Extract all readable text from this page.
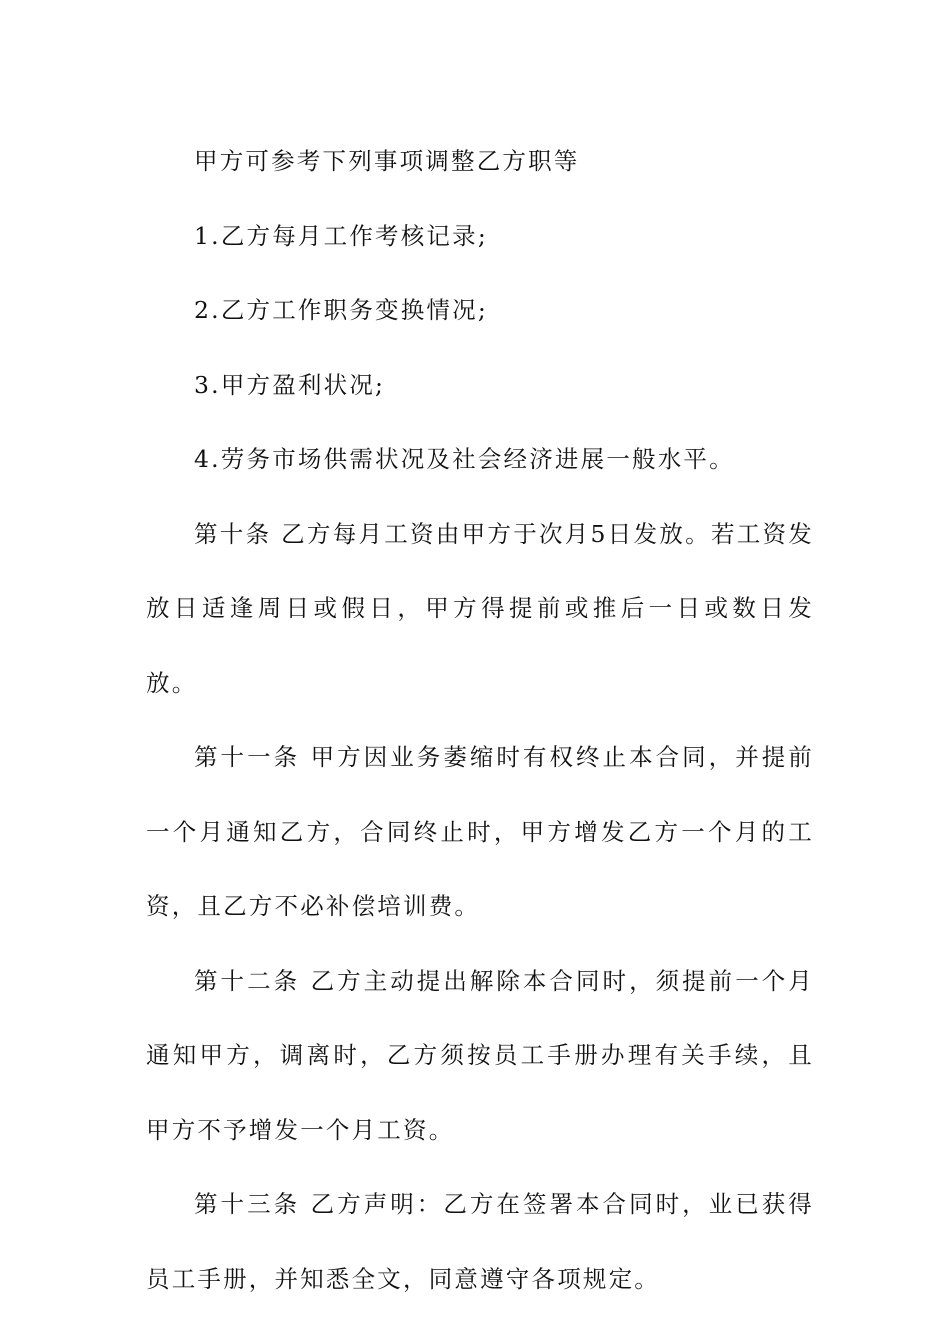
甲方可参考下列事项调整乙方职等

1.乙方每月工作考核记录;

2.乙方工作职务变换情况;

3.甲方盈利状况;

4.劳务市场供需状况及社会经济进展一般水平。

第十条 乙方每月工资由甲方于次月5日发放。若工资发放日适逢周日或假日，甲方得提前或推后一日或数日发放。

第十一条 甲方因业务萎缩时有权终止本合同，并提前一个月通知乙方，合同终止时，甲方增发乙方一个月的工资，且乙方不必补偿培训费。

第十二条 乙方主动提出解除本合同时，须提前一个月通知甲方，调离时，乙方须按员工手册办理有关手续，且甲方不予增发一个月工资。

第十三条 乙方声明：乙方在签署本合同时，业已获得员工手册，并知悉全文，同意遵守各项规定。
